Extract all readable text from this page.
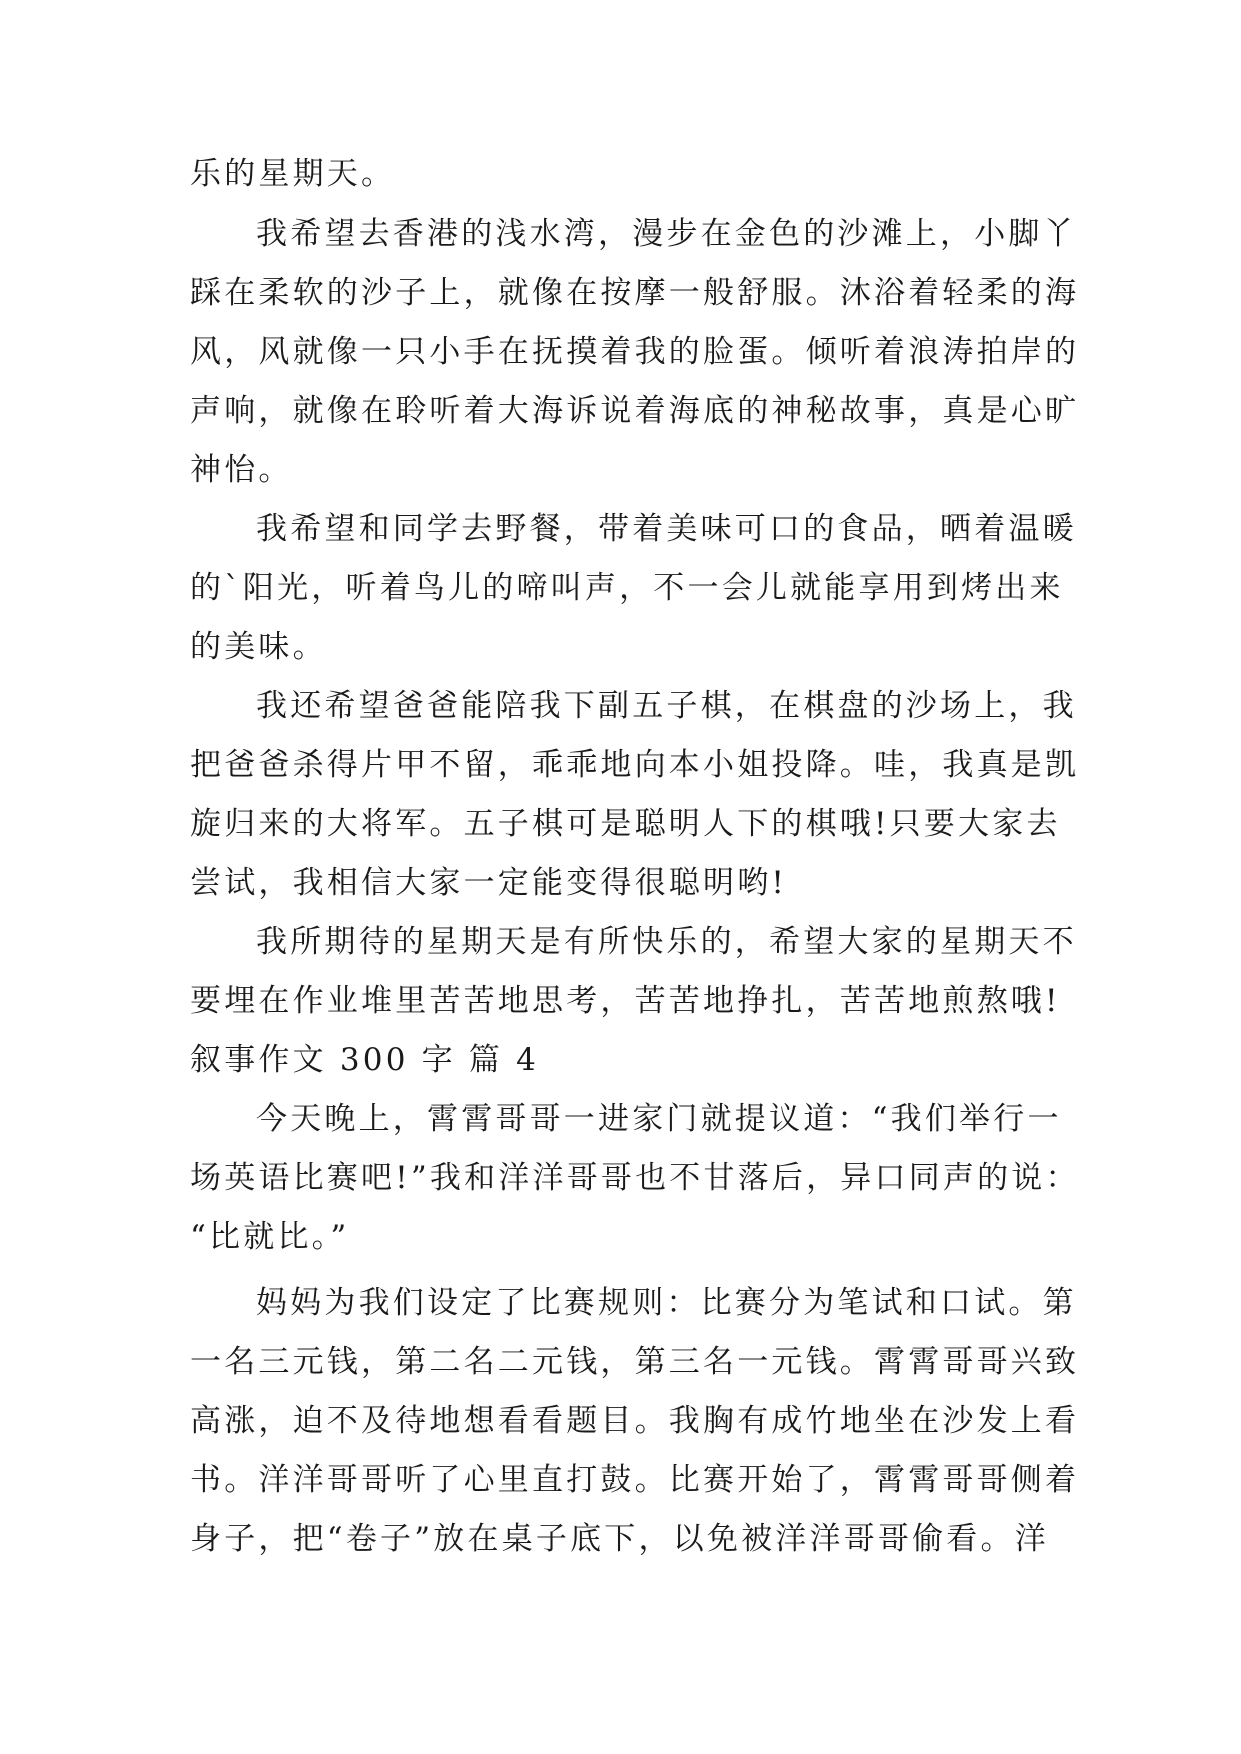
乐的星期天。
我希望去香港的浅水湾，漫步在金色的沙滩上，小脚丫
踩在柔软的沙子上，就像在按摩一般舒服。沐浴着轻柔的海
风，风就像一只小手在抚摸着我的脸蛋。倾听着浪涛拍岸的
声响，就像在聆听着大海诉说着海底的神秘故事，真是心旷
神怡。
我希望和同学去野餐，带着美味可口的食品，晒着温暖
的`阳光，听着鸟儿的啼叫声，不一会儿就能享用到烤出来
的美味。
我还希望爸爸能陪我下副五子棋，在棋盘的沙场上，我
把爸爸杀得片甲不留，乖乖地向本小姐投降。哇，我真是凯
旋归来的大将军。五子棋可是聪明人下的棋哦!只要大家去
尝试，我相信大家一定能变得很聪明哟!
我所期待的星期天是有所快乐的，希望大家的星期天不
要埋在作业堆里苦苦地思考，苦苦地挣扎，苦苦地煎熬哦!
叙事作文 300 字 篇 4
今天晚上，霄霄哥哥一进家门就提议道：“我们举行一
场英语比赛吧!”我和洋洋哥哥也不甘落后，异口同声的说：
“比就比。”
妈妈为我们设定了比赛规则：比赛分为笔试和口试。第
一名三元钱，第二名二元钱，第三名一元钱。霄霄哥哥兴致
高涨，迫不及待地想看看题目。我胸有成竹地坐在沙发上看
书。洋洋哥哥听了心里直打鼓。比赛开始了，霄霄哥哥侧着
身子，把“卷子”放在桌子底下，以免被洋洋哥哥偷看。洋
